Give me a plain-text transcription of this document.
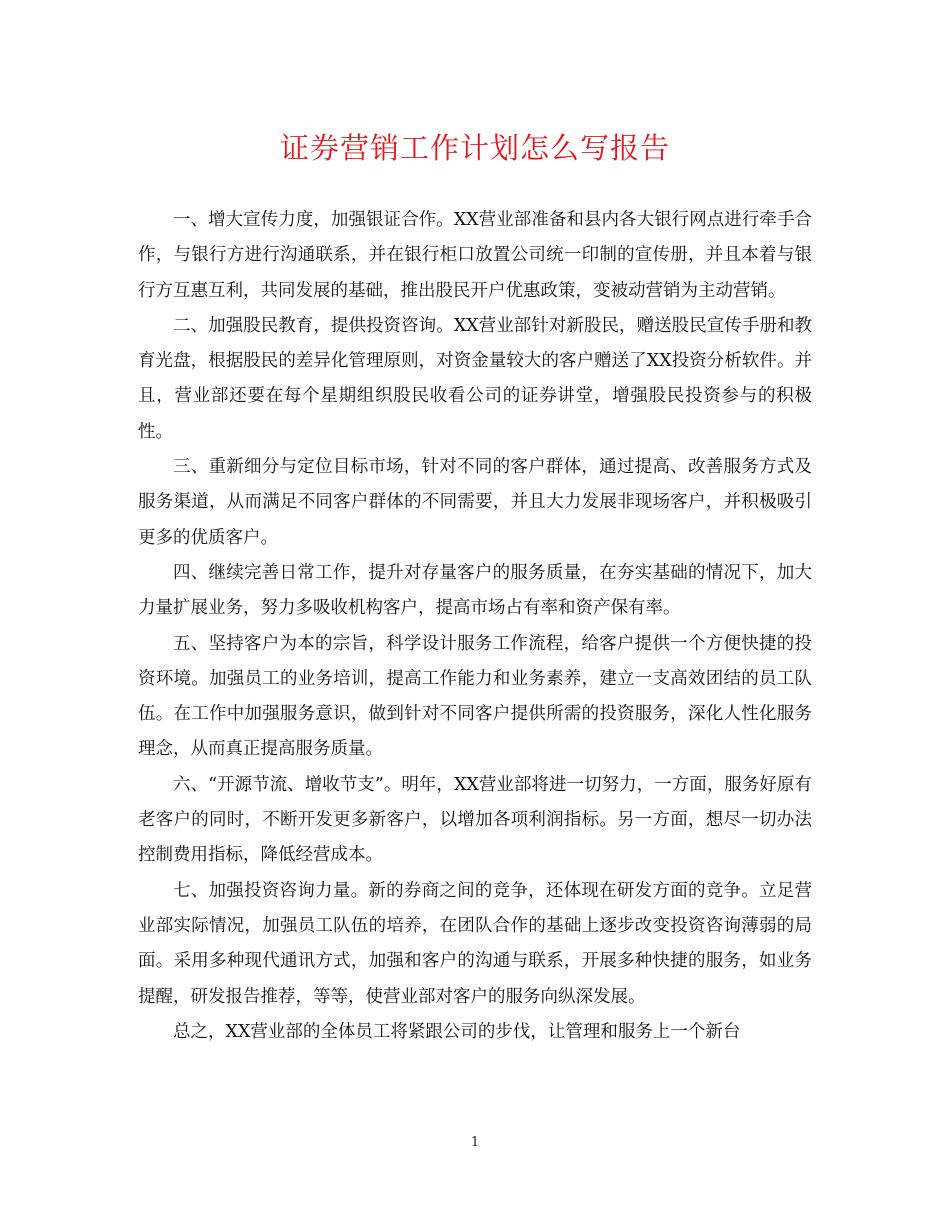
证券营销工作计划怎么写报告

一、增大宣传力度，加强银证合作。XX营业部准备和县内各大银行网点进行牵手合作，与银行方进行沟通联系，并在银行柜口放置公司统一印制的宣传册，并且本着与银行方互惠互利，共同发展的基础，推出股民开户优惠政策，变被动营销为主动营销。

二、加强股民教育，提供投资咨询。XX营业部针对新股民，赠送股民宣传手册和教育光盘，根据股民的差异化管理原则，对资金量较大的客户赠送了XX投资分析软件。并且，营业部还要在每个星期组织股民收看公司的证券讲堂，增强股民投资参与的积极性。

三、重新细分与定位目标市场，针对不同的客户群体，通过提高、改善服务方式及服务渠道，从而满足不同客户群体的不同需要，并且大力发展非现场客户，并积极吸引更多的优质客户。

四、继续完善日常工作，提升对存量客户的服务质量，在夯实基础的情况下，加大力量扩展业务，努力多吸收机构客户，提高市场占有率和资产保有率。

五、坚持客户为本的宗旨，科学设计服务工作流程，给客户提供一个方便快捷的投资环境。加强员工的业务培训，提高工作能力和业务素养，建立一支高效团结的员工队伍。在工作中加强服务意识，做到针对不同客户提供所需的投资服务，深化人性化服务理念，从而真正提高服务质量。

六、“开源节流、增收节支”。明年，XX营业部将进一切努力，一方面，服务好原有老客户的同时，不断开发更多新客户，以增加各项利润指标。另一方面，想尽一切办法控制费用指标，降低经营成本。

七、加强投资咨询力量。新的券商之间的竞争，还体现在研发方面的竞争。立足营业部实际情况，加强员工队伍的培养，在团队合作的基础上逐步改变投资咨询薄弱的局面。采用多种现代通讯方式，加强和客户的沟通与联系，开展多种快捷的服务，如业务提醒，研发报告推荐，等等，使营业部对客户的服务向纵深发展。

总之，XX营业部的全体员工将紧跟公司的步伐，让管理和服务上一个新台

1
